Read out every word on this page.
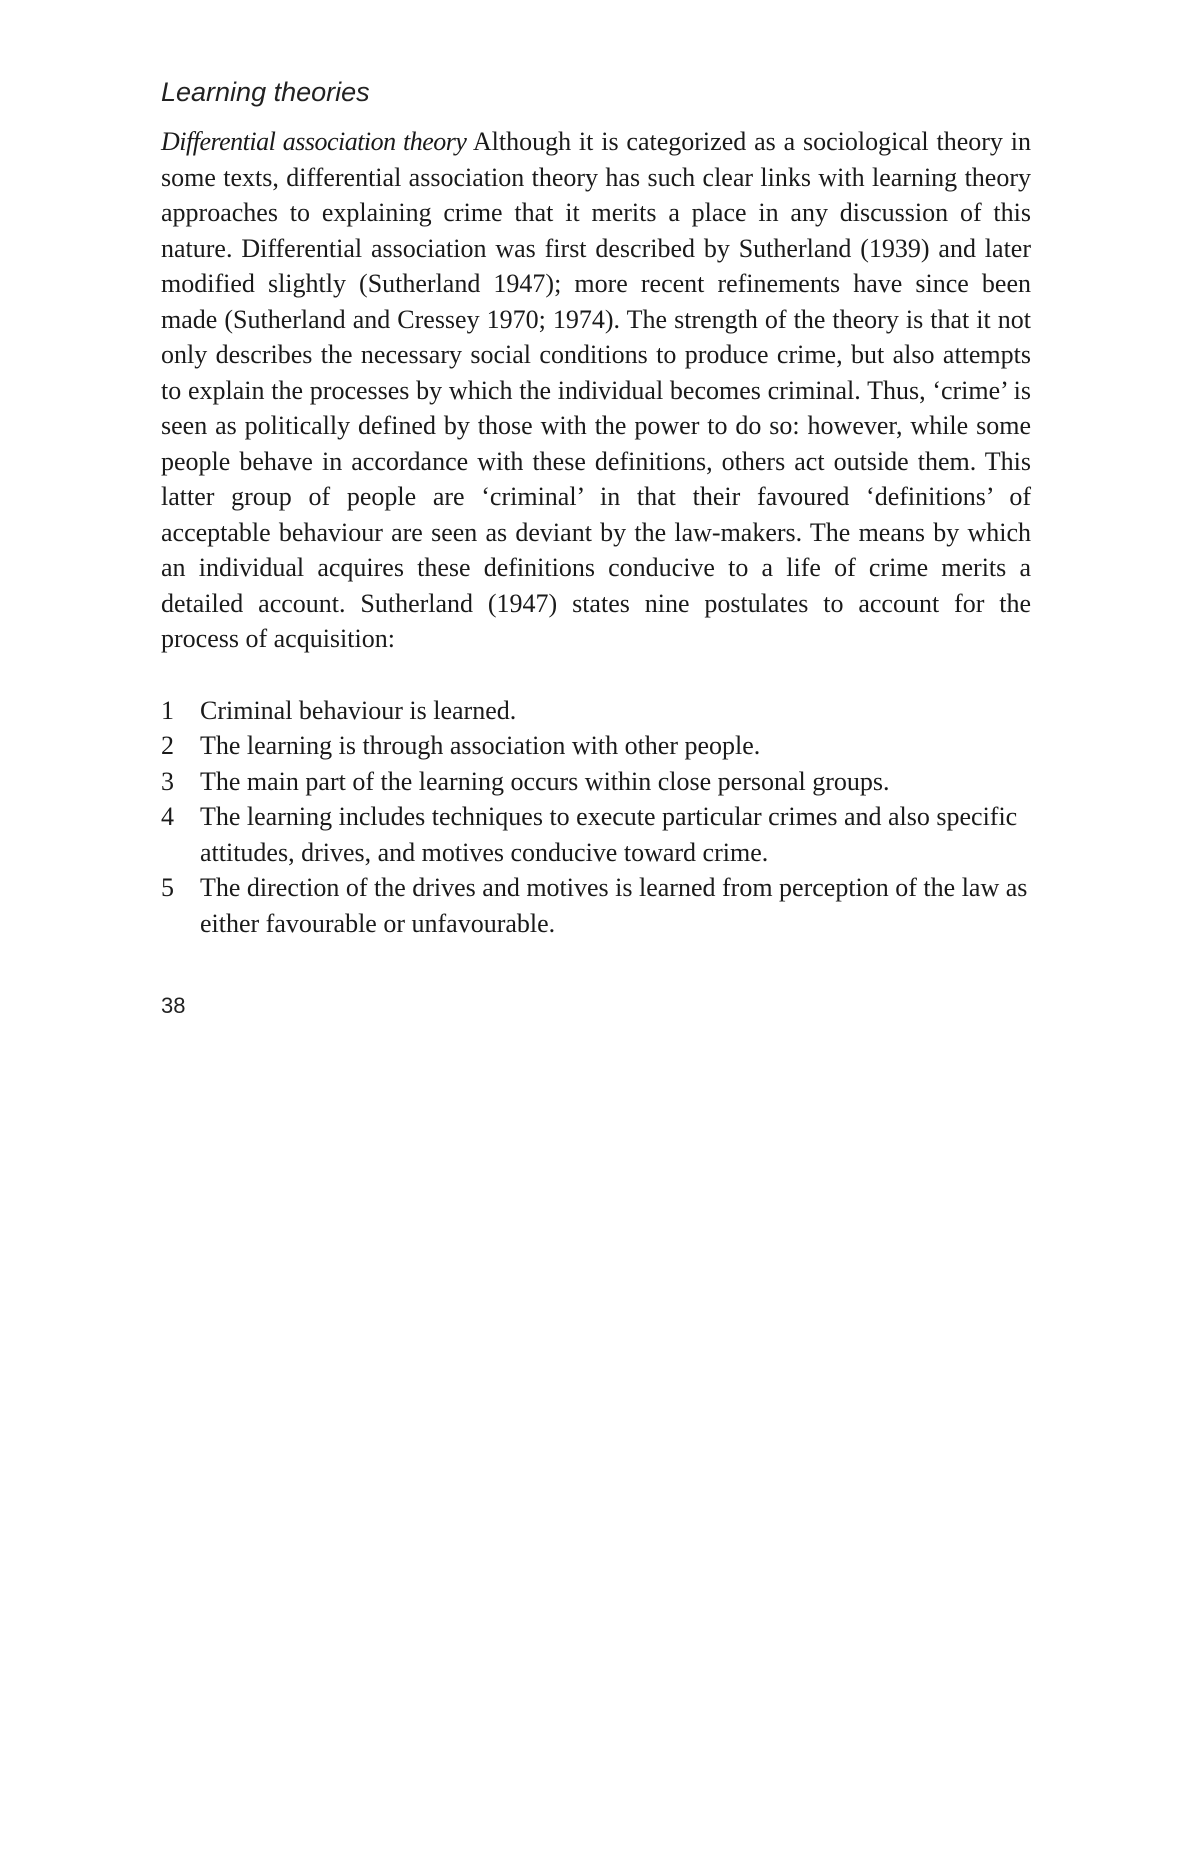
Learning theories

Differential association theory Although it is categorized as a sociological theory in some texts, differential association theory has such clear links with learning theory approaches to explaining crime that it merits a place in any discussion of this nature. Differential association was first described by Sutherland (1939) and later modified slightly (Sutherland 1947); more recent refinements have since been made (Sutherland and Cressey 1970; 1974). The strength of the theory is that it not only describes the necessary social conditions to produce crime, but also attempts to explain the processes by which the individual becomes criminal. Thus, ‘crime’ is seen as politically defined by those with the power to do so: however, while some people behave in accordance with these definitions, others act outside them. This latter group of people are ‘criminal’ in that their favoured ‘definitions’ of acceptable behaviour are seen as deviant by the law-makers. The means by which an individual acquires these definitions conducive to a life of crime merits a detailed account. Sutherland (1947) states nine postulates to account for the process of acquisition:

1	Criminal behaviour is learned.
2	The learning is through association with other people.
3	The main part of the learning occurs within close personal groups.
4	The learning includes techniques to execute particular crimes and also specific attitudes, drives, and motives conducive toward crime.
5	The direction of the drives and motives is learned from perception of the law as either favourable or unfavourable.
38
